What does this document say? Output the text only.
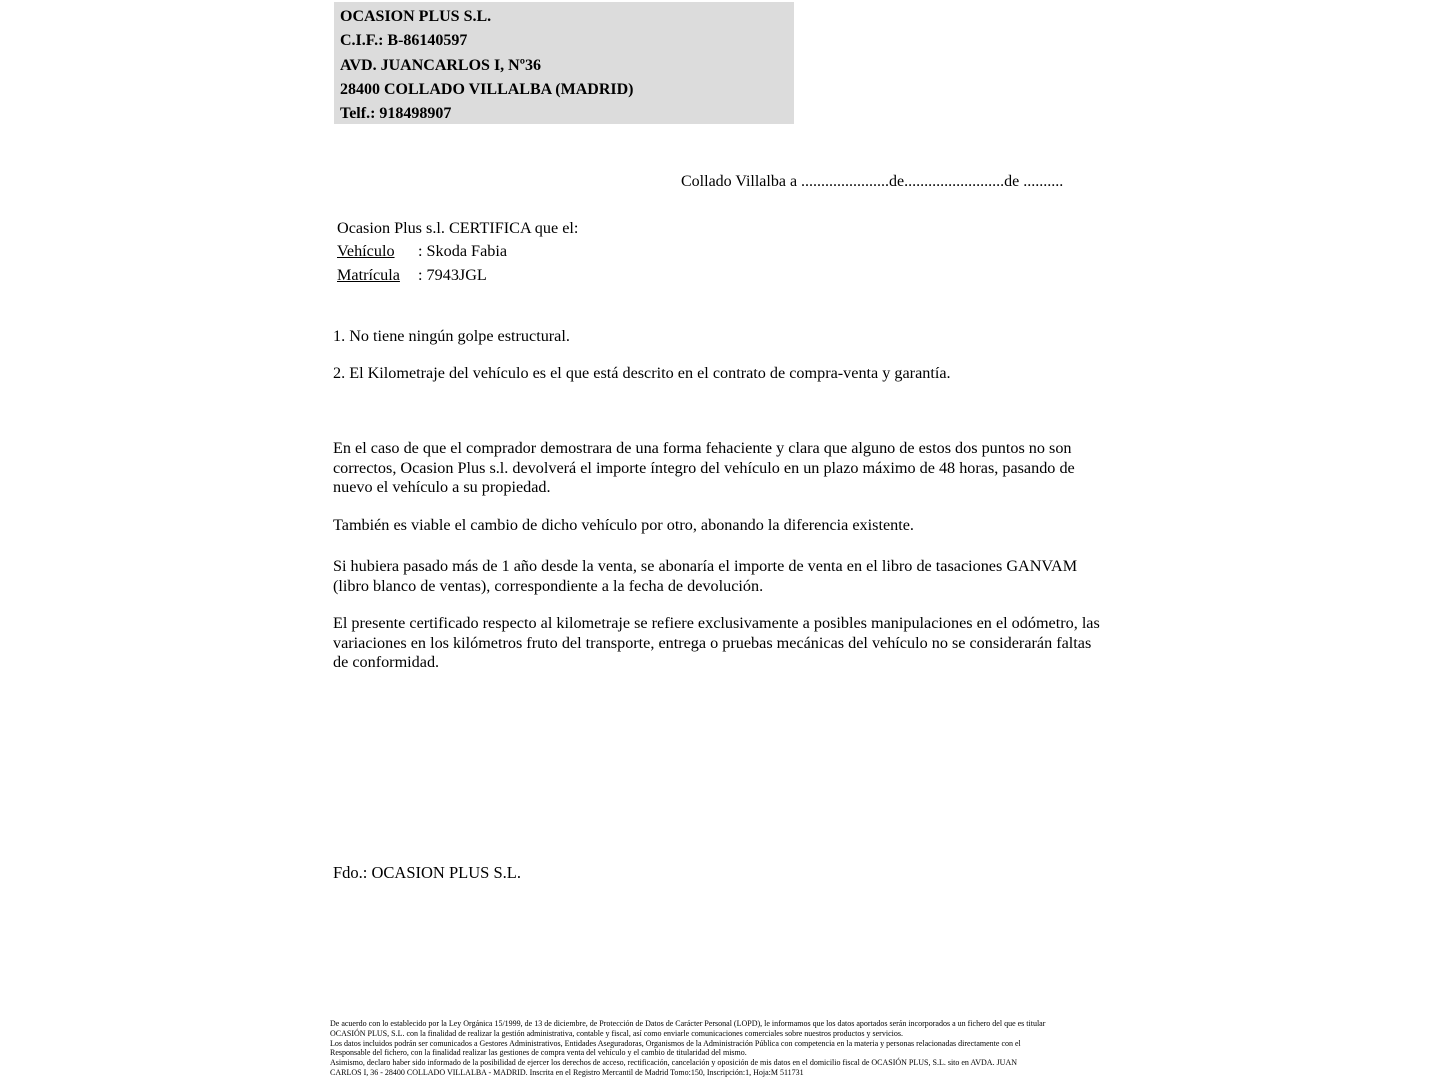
OCASION PLUS S.L.
C.I.F.: B-86140597
AVD. JUANCARLOS I, Nº36
28400 COLLADO VILLALBA (MADRID)
Telf.: 918498907
Collado Villalba a ......................de.........................de ..........
Ocasion Plus s.l. CERTIFICA que el:
Vehículo : Skoda Fabia
Matrícula : 7943JGL
1. No tiene ningún golpe estructural.
2. El Kilometraje del vehículo es el que está descrito en el contrato de compra-venta y garantía.
En el caso de que el comprador demostrara de una forma fehaciente y clara que alguno de estos dos puntos no son correctos, Ocasion Plus s.l. devolverá el importe íntegro del vehículo en un plazo máximo de 48 horas, pasando de nuevo el vehículo a su propiedad.
También es viable el cambio de dicho vehículo por otro, abonando la diferencia existente.
Si hubiera pasado más de 1 año desde la venta, se abonaría el importe de venta en el libro de tasaciones GANVAM (libro blanco de ventas), correspondiente a la fecha de devolución.
El presente certificado respecto al kilometraje se refiere exclusivamente a posibles manipulaciones en el odómetro, las variaciones en los kilómetros fruto del transporte, entrega o pruebas mecánicas del vehículo no se considerarán faltas de conformidad.
Fdo.: OCASION PLUS S.L.
De acuerdo con lo establecido por la Ley Orgánica 15/1999, de 13 de diciembre, de Protección de Datos de Carácter Personal (LOPD), le informamos que los datos aportados serán incorporados a un fichero del que es titular
OCASIÓN PLUS, S.L. con la finalidad de realizar la gestión administrativa, contable y fiscal, así como enviarle comunicaciones comerciales sobre nuestros productos y servicios.
Los datos incluidos podrán ser comunicados a Gestores Administrativos, Entidades Aseguradoras, Organismos de la Administración Pública con competencia en la materia y personas relacionadas directamente con el
Responsable del fichero, con la finalidad realizar las gestiones de compra venta del vehículo y el cambio de titularidad del mismo.
Asimismo, declaro haber sido informado de la posibilidad de ejercer los derechos de acceso, rectificación, cancelación y oposición de mis datos en el domicilio fiscal de OCASIÓN PLUS, S.L. sito en AVDA. JUAN
CARLOS I, 36 - 28400 COLLADO VILLALBA - MADRID. Inscrita en el Registro Mercantil de Madrid Tomo:150, Inscripción:1, Hoja:M 511731
